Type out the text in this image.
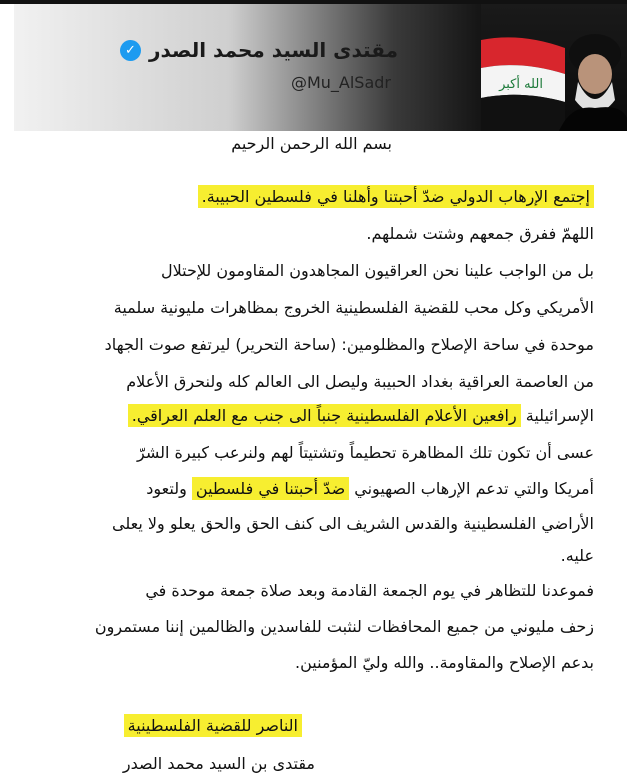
مقتدى السيد محمد الصدر
✓
@Mu_AlSadr	الله أكبر
بسم الله الرحمن الرحيم
إجتمع الإرهاب الدولي ضدّ أحبتنا وأهلنا في فلسطين الحبيبة.
اللهمّ ففرق جمعهم وشتت شملهم.
بل من الواجب علينا نحن العراقيون المجاهدون المقاومون للإحتلال
الأمريكي وكل محب للقضية الفلسطينية الخروج بمظاهرات مليونية سلمية
موحدة في ساحة الإصلاح والمظلومين: (ساحة التحرير) ليرتفع صوت الجهاد
من العاصمة العراقية بغداد الحبيبة وليصل الى العالم كله ولنحرق الأعلام
الإسرائيلية رافعين الأعلام الفلسطينية جنباً الى جنب مع العلم العراقي.
عسى أن تكون تلك المظاهرة تحطيماً وتشتيتاً لهم ولنرعب كبيرة الشرّ
أمريكا والتي تدعم الإرهاب الصهيوني ضدّ أحبتنا في فلسطين ولتعود
الأراضي الفلسطينية والقدس الشريف الى كنف الحق والحق يعلو ولا يعلى
عليه.
فموعدنا للتظاهر في يوم الجمعة القادمة وبعد صلاة جمعة موحدة في
زحف مليوني من جميع المحافظات لنثبت للفاسدين والظالمين إننا مستمرون
بدعم الإصلاح والمقاومة.. والله وليّ المؤمنين.
الناصر للقضية الفلسطينية
مقتدى بن السيد محمد الصدر
